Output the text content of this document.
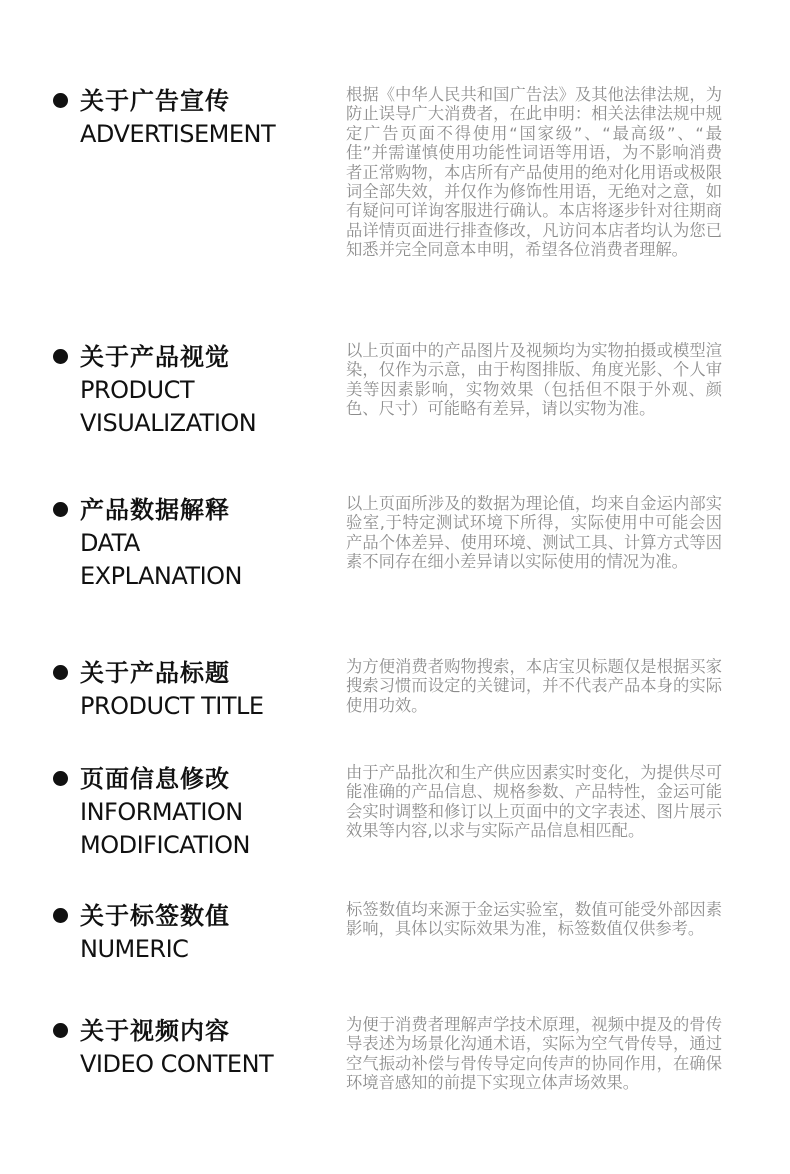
关于广告宣传
ADVERTISEMENT

根据《中华人民共和国广告法》及其他法律法规，为防止误导广大消费者，在此申明：相关法律法规中规定广告页面不得使用“国家级”、“最高级”、“最佳”并需谨慎使用功能性词语等用语，为不影响消费者正常购物，本店所有产品使用的绝对化用语或极限词全部失效，并仅作为修饰性用语，无绝对之意，如有疑问可详询客服进行确认。本店将逐步针对往期商品详情页面进行排查修改，凡访问本店者均认为您已知悉并完全同意本申明，希望各位消费者理解。

关于产品视觉
PRODUCT
VISUALIZATION

以上页面中的产品图片及视频均为实物拍摄或模型渲染，仅作为示意，由于构图排版、角度光影、个人审美等因素影响，实物效果（包括但不限于外观、颜色、尺寸）可能略有差异，请以实物为准。

产品数据解释
DATA
EXPLANATION

以上页面所涉及的数据为理论值，均来自金运内部实验室,于特定测试环境下所得，实际使用中可能会因产品个体差异、使用环境、测试工具、计算方式等因素不同存在细小差异请以实际使用的情况为准。

关于产品标题
PRODUCT TITLE

为方便消费者购物搜索，本店宝贝标题仅是根据买家搜索习惯而设定的关键词，并不代表产品本身的实际使用功效。

页面信息修改
INFORMATION
MODIFICATION

由于产品批次和生产供应因素实时变化，为提供尽可能准确的产品信息、规格参数、产品特性，金运可能会实时调整和修订以上页面中的文字表述、图片展示效果等内容,以求与实际产品信息相匹配。

关于标签数值
NUMERIC

标签数值均来源于金运实验室，数值可能受外部因素影响，具体以实际效果为准，标签数值仅供参考。

关于视频内容
VIDEO CONTENT

为便于消费者理解声学技术原理，视频中提及的骨传导表述为场景化沟通术语，实际为空气骨传导，通过空气振动补偿与骨传导定向传声的协同作用，在确保环境音感知的前提下实现立体声场效果。
